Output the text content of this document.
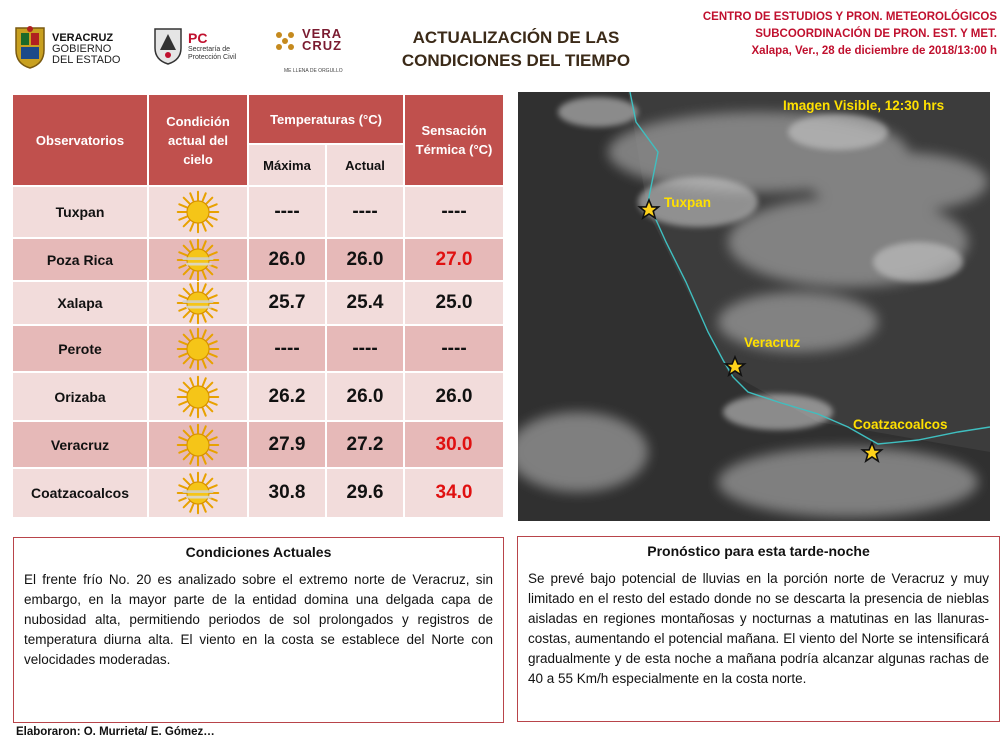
VERACRUZ
GOBIERNO
DEL ESTADO
PC
Secretaría de
Protección Civil
VERA
CRUZ
ME LLENA DE ORGULLO
ACTUALIZACIÓN DE LAS
CONDICIONES DEL TIEMPO
CENTRO DE ESTUDIOS Y PRON. METEOROLÓGICOS
SUBCOORDINACIÓN DE PRON. EST. Y MET.
Xalapa, Ver., 28 de diciembre de 2018/13:00 h
Observatorios
Condición actual del cielo
Temperaturas (°C)
Máxima	Actual
Sensación Térmica (°C)
Tuxpan	----	----	----
Poza Rica	26.0	26.0	27.0
Xalapa	25.7	25.4	25.0
Perote	----	----	----
Orizaba	26.2	26.0	26.0
Veracruz	27.9	27.2	30.0
Coatzacoalcos	30.8	29.6	34.0
Imagen Visible, 12:30 hrs
Tuxpan
Veracruz
Coatzacoalcos
Condiciones Actuales
El frente frío No. 20 es analizado sobre el extremo norte de Veracruz, sin embargo, en la mayor parte de la entidad domina una delgada capa de nubosidad alta, permitiendo periodos de sol prolongados y registros de temperatura diurna alta. El viento en la costa se establece del Norte con velocidades moderadas.
Pronóstico para esta tarde-noche
Se prevé bajo potencial de lluvias en la porción norte de Veracruz y muy limitado en el resto del estado donde no se descarta la presencia de nieblas aisladas en regiones montañosas y nocturnas a matutinas en las llanuras-costas, aumentando el potencial mañana. El viento del Norte se intensificará gradualmente y de esta noche a mañana podría alcanzar algunas rachas de 40 a 55 Km/h especialmente en la costa norte.
Elaboraron: O. Murrieta/ E. Gómez…
